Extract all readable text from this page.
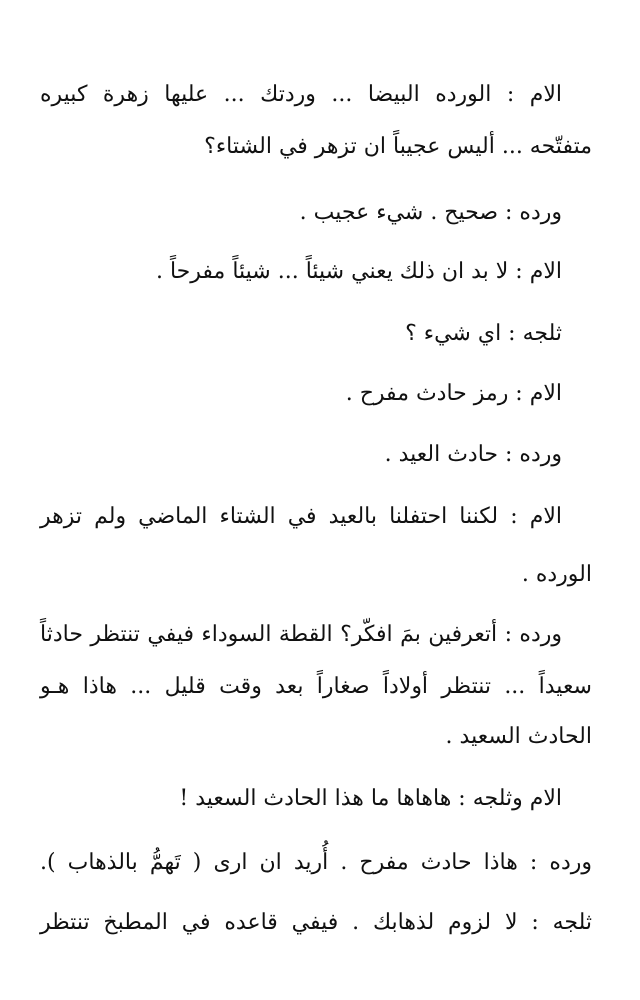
الام : الورده البيضا ... وردتك ... عليها زهرة كبيره
متفتّحه ... أليس عجيباً ان تزهر في الشتاء؟
ورده : صحيح . شيء عجيب .
الام : لا بد ان ذلك يعني شيئاً ... شيئاً مفرحاً .
ثلجه : اي شيء ؟
الام : رمز حادث مفرح .
ورده : حادث العيد .
الام : لكننا احتفلنا بالعيد في الشتاء الماضي ولم تزهر
الورده .
ورده : أتعرفين بمَ افكّر؟ القطة السوداء فيفي تنتظر حادثاً
سعيداً ... تنتظر أولاداً صغاراً بعد وقت قليل ... هاذا هـو
الحادث السعيد .
الام وثلجه : هاهاها ما هذا الحادث السعيد !
ورده : هاذا حادث مفرح . أُريد ان ارى ( تَهمُّ بالذهاب ).
ثلجه : لا لزوم لذهابك . فيفي قاعده في المطبخ تنتظر
